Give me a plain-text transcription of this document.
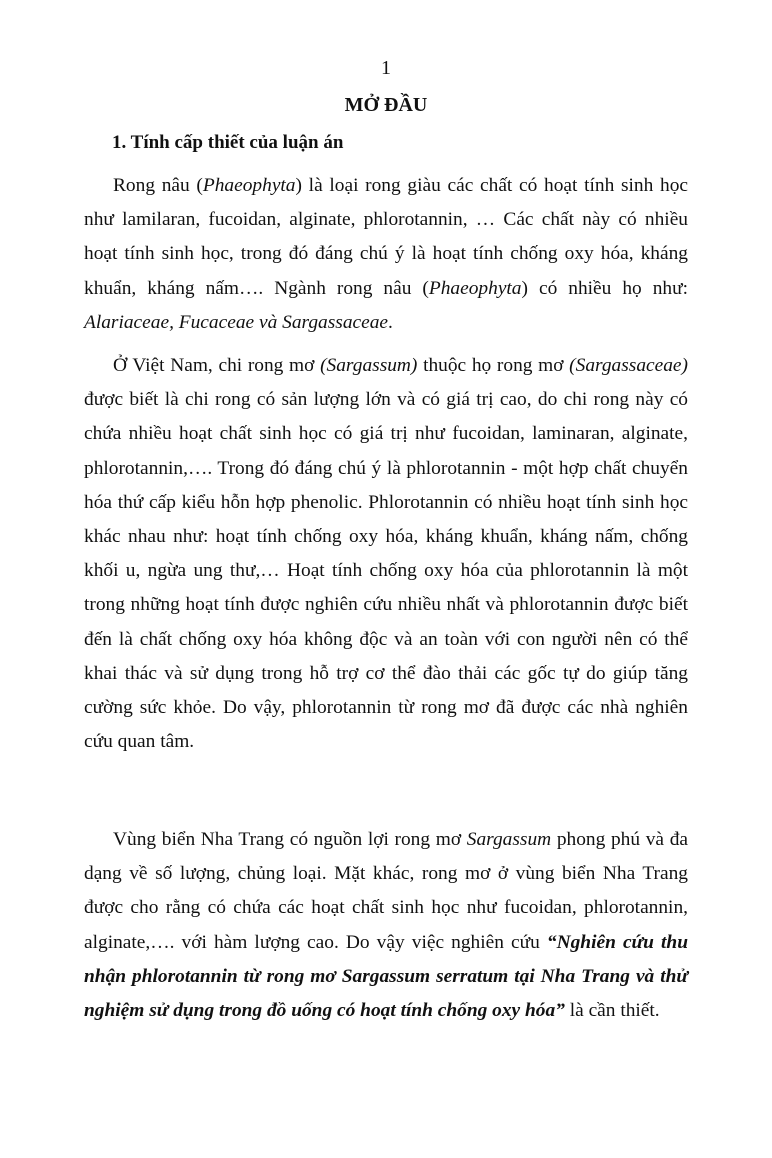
1
MỞ ĐẦU
1. Tính cấp thiết của luận án

Rong nâu (Phaeophyta) là loại rong giàu các chất có hoạt tính sinh học như lamilaran, fucoidan, alginate, phlorotannin, … Các chất này có nhiều hoạt tính sinh học, trong đó đáng chú ý là hoạt tính chống oxy hóa, kháng khuẩn, kháng nấm…. Ngành rong nâu (Phaeophyta) có nhiều họ như: Alariaceae, Fucaceae và Sargassaceae.

Ở Việt Nam, chi rong mơ (Sargassum) thuộc họ rong mơ (Sargassaceae) được biết là chi rong có sản lượng lớn và có giá trị cao, do chi rong này có chứa nhiều hoạt chất sinh học có giá trị như fucoidan, laminaran, alginate, phlorotannin,…. Trong đó đáng chú ý là phlorotannin - một hợp chất chuyển hóa thứ cấp kiểu hỗn hợp phenolic. Phlorotannin có nhiều hoạt tính sinh học khác nhau như: hoạt tính chống oxy hóa, kháng khuẩn, kháng nấm, chống khối u, ngừa ung thư,… Hoạt tính chống oxy hóa của phlorotannin là một trong những hoạt tính được nghiên cứu nhiều nhất và phlorotannin được biết đến là chất chống oxy hóa không độc và an toàn với con người nên có thể khai thác và sử dụng trong hỗ trợ cơ thể đào thải các gốc tự do giúp tăng cường sức khỏe. Do vậy, phlorotannin từ rong mơ đã được các nhà nghiên cứu quan tâm.

Vùng biển Nha Trang có nguồn lợi rong mơ Sargassum phong phú và đa dạng về số lượng, chủng loại. Mặt khác, rong mơ ở vùng biển Nha Trang được cho rằng có chứa các hoạt chất sinh học như fucoidan, phlorotannin, alginate,…. với hàm lượng cao. Do vậy việc nghiên cứu “Nghiên cứu thu nhận phlorotannin từ rong mơ Sargassum serratum tại Nha Trang và thử nghiệm sử dụng trong đồ uống có hoạt tính chống oxy hóa” là cần thiết.
